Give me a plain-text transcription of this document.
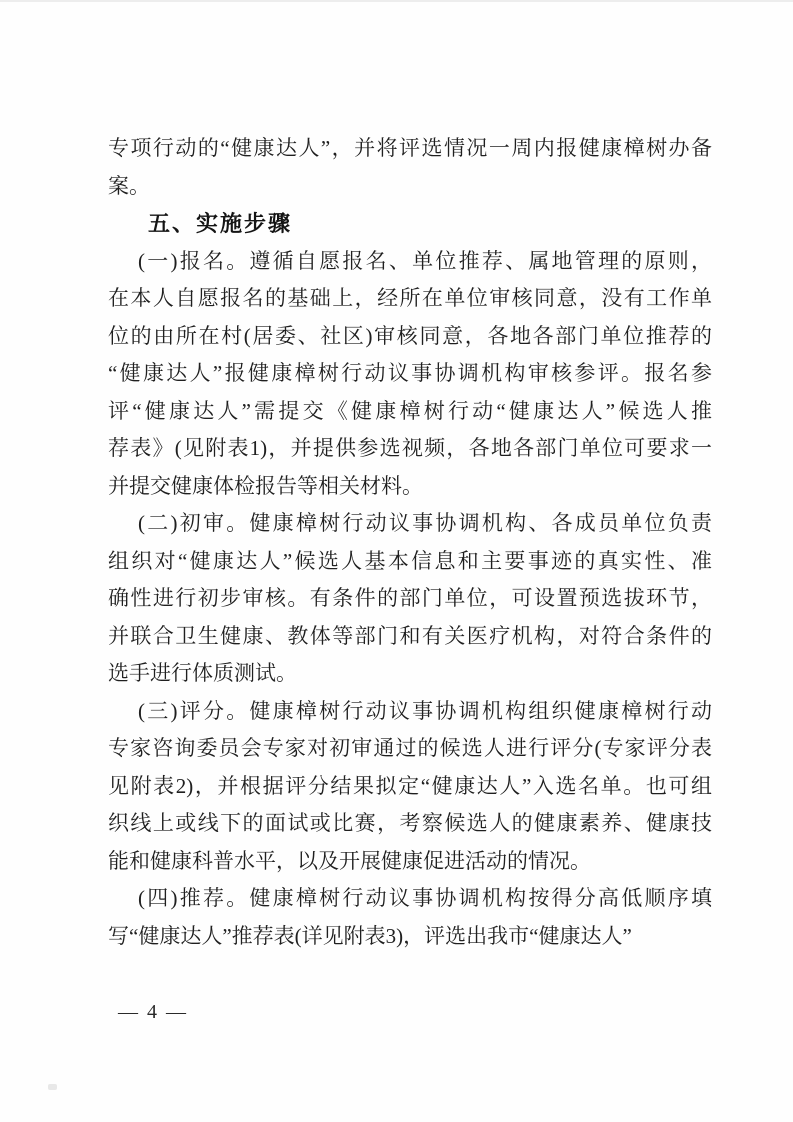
专项行动的“健康达人”，并将评选情况一周内报健康樟树办备
案。
五、实施步骤
(一)报名。遵循自愿报名、单位推荐、属地管理的原则，
在本人自愿报名的基础上，经所在单位审核同意，没有工作单
位的由所在村(居委、社区)审核同意，各地各部门单位推荐的
“健康达人”报健康樟树行动议事协调机构审核参评。报名参
评“健康达人”需提交《健康樟树行动“健康达人”候选人推
荐表》(见附表1)，并提供参选视频，各地各部门单位可要求一
并提交健康体检报告等相关材料。
(二)初审。健康樟树行动议事协调机构、各成员单位负责
组织对“健康达人”候选人基本信息和主要事迹的真实性、准
确性进行初步审核。有条件的部门单位，可设置预选拔环节，
并联合卫生健康、教体等部门和有关医疗机构，对符合条件的
选手进行体质测试。
(三)评分。健康樟树行动议事协调机构组织健康樟树行动
专家咨询委员会专家对初审通过的候选人进行评分(专家评分表
见附表2)，并根据评分结果拟定“健康达人”入选名单。也可组
织线上或线下的面试或比赛，考察候选人的健康素养、健康技
能和健康科普水平，以及开展健康促进活动的情况。
(四)推荐。健康樟树行动议事协调机构按得分高低顺序填
写“健康达人”推荐表(详见附表3)，评选出我市“健康达人”
— 4 —
